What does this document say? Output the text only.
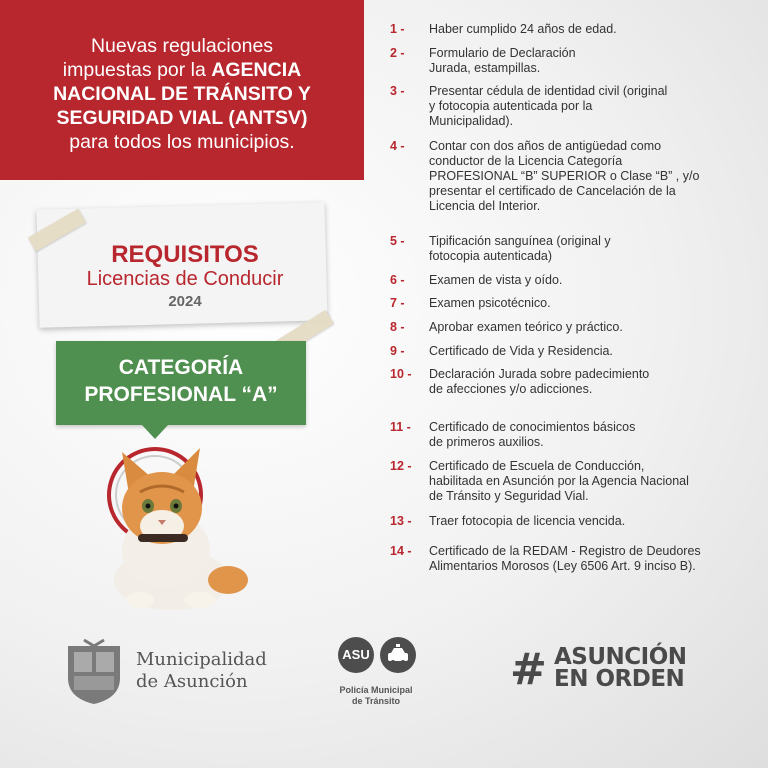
Nuevas regulaciones
impuestas por la AGENCIA
NACIONAL DE TRÁNSITO Y
SEGURIDAD VIAL (ANTSV)
para todos los municipios.
REQUISITOS
Licencias de Conducir
2024
CATEGORÍA
PROFESIONAL “A”
1 -	Haber cumplido 24 años de edad.
2 -	Formulario de Declaración Jurada, estampillas.
3 -	Presentar cédula de identidad civil (original y fotocopia autenticada por la Municipalidad).
4 -	Contar con dos años de antigüedad como conductor de la Licencia Categoría PROFESIONAL “B” SUPERIOR o Clase “B” , y/o presentar el certificado de Cancelación de la Licencia del Interior.
5 -	Tipificación sanguínea (original y fotocopia autenticada)
6 -	Examen de vista y oído.
7 -	Examen psicotécnico.
8 -	Aprobar examen teórico y práctico.
9 -	Certificado de Vida y Residencia.
10 -	Declaración Jurada sobre padecimiento de afecciones y/o adicciones.
11 -	Certificado de conocimientos básicos de primeros auxilios.
12 -	Certificado de Escuela de Conducción, habilitada en Asunción por la Agencia Nacional de Tránsito y Seguridad Vial.
13 -	Traer fotocopia de licencia vencida.
14 -	Certificado de la REDAM - Registro de Deudores Alimentarios Morosos (Ley 6506 Art. 9 inciso B).
Municipalidad
de Asunción
ASU
Policía Municipal
de Tránsito
# ASUNCIÓN
EN ORDEN
